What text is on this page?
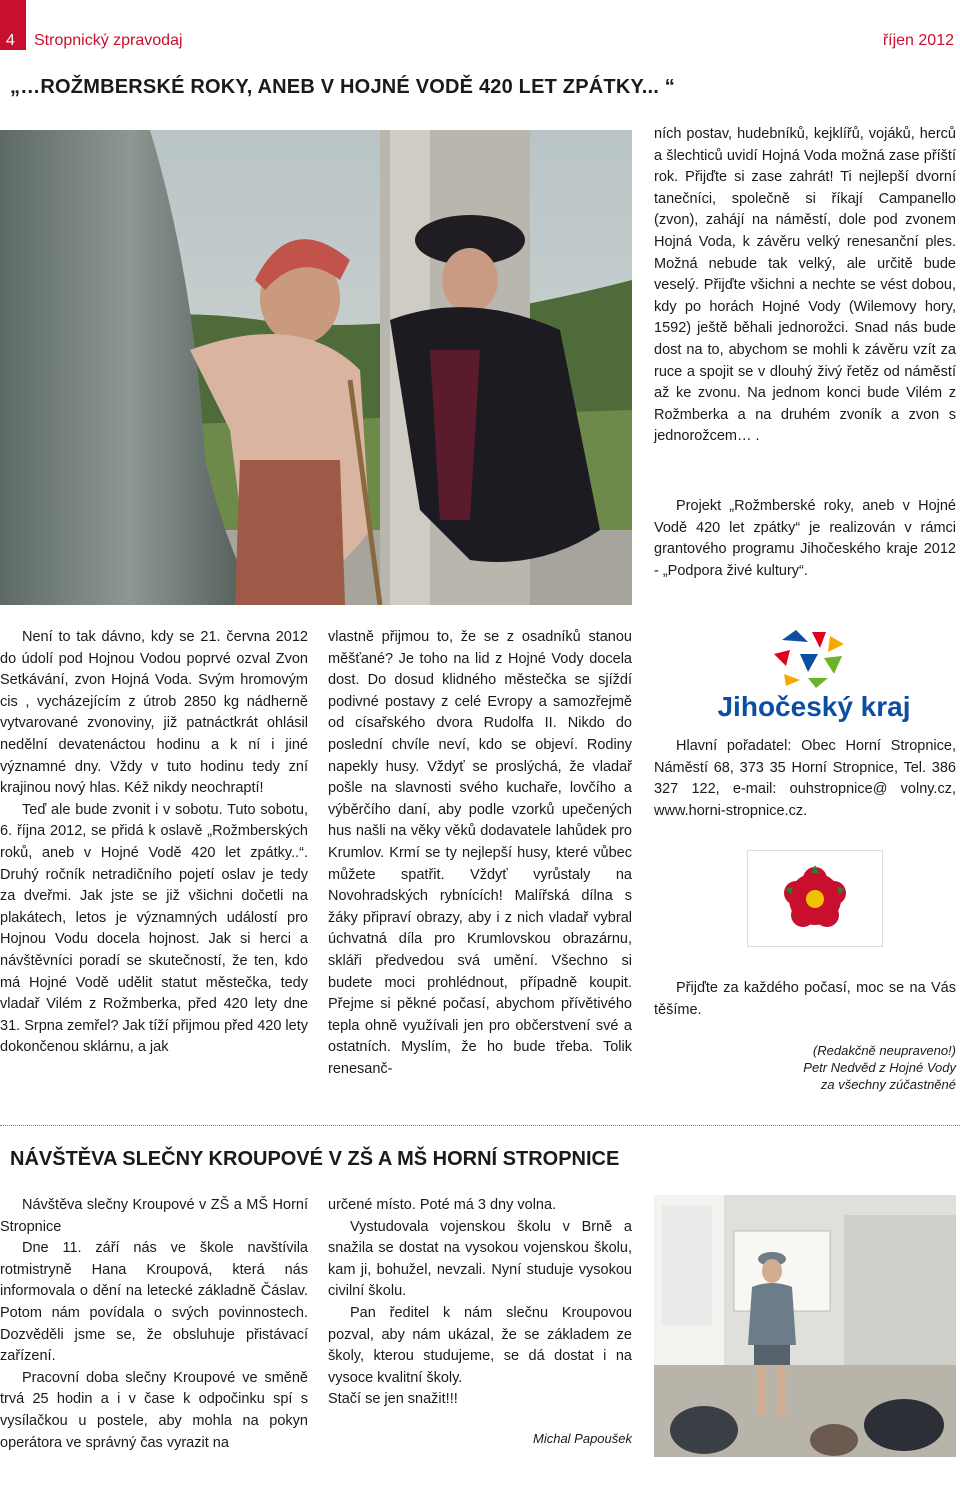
4	Stropnický zpravodaj	říjen 2012
„…ROŽMBERSKÉ ROKY, ANEB V HOJNÉ VODĚ 420 LET ZPÁTKY... “

ních postav, hudebníků, kejklířů, vojáků, herců a šlechticů uvidí Hojná Voda možná zase příští rok. Přijďte si zase zahrát! Ti nejlepší dvorní tanečníci, společně si říkají Campanello (zvon), zahájí na náměstí, dole pod zvonem Hojná Voda, k závěru velký renesanční ples. Možná nebude tak velký, ale určitě bude veselý. Přijďte všichni a nechte se vést dobou, kdy po horách Hojné Vody (Wilemovy hory, 1592) ještě běhali jednorožci. Snad nás bude dost na to, abychom se mohli k závěru vzít za ruce a spojit se v dlouhý živý řetěz od náměstí až ke zvonu. Na jednom konci bude Vilém z Rožmberka a na druhém zvoník a zvon s jednorožcem… .

Projekt „Rožmberské roky, aneb v Hojné Vodě 420 let zpátky“ je realizován v rámci grantového programu Jihočeského kraje 2012 - „Podpora živé kultury“.

Není to tak dávno, kdy se 21. června 2012 do údolí pod Hojnou Vodou poprvé ozval Zvon Setkávání, zvon Hojná Voda. Svým hromovým cis , vycházejícím z útrob 2850 kg nádherně vytvarované zvonoviny, již patnáctkrát ohlásil nedělní devatenáctou hodinu a k ní i jiné významné dny. Vždy v tuto hodinu tedy zní krajinou nový hlas. Kéž nikdy neochraptí!

Teď ale bude zvonit i v sobotu. Tuto sobotu, 6. října 2012, se přidá k oslavě „Rožmberských roků, aneb v Hojné Vodě 420 let zpátky..“. Druhý ročník netradičního pojetí oslav je tedy za dveřmi. Jak jste se již všichni dočetli na plakátech, letos je významných událostí pro Hojnou Vodu docela hojnost. Jak si herci a návštěvníci poradí se skutečností, že ten, kdo má Hojné Vodě udělit statut městečka, tedy vladař Vilém z Rožmberka, před 420 lety dne 31. Srpna zemřel? Jak tíží přijmou před 420 lety dokončenou sklárnu, a jak

vlastně přijmou to, že se z osadníků stanou měšťané? Je toho na lid z Hojné Vody docela dost. Do dosud klidného městečka se sjíždí podivné postavy z celé Evropy a samozřejmě od císařského dvora Rudolfa II. Nikdo do poslední chvíle neví, kdo se objeví. Rodiny napekly husy. Vždyť se proslýchá, že vladař pošle na slavnosti svého kuchaře, lovčího a výběrčího daní, aby podle vzorků upečených hus našli na věky věků dodavatele lahůdek pro Krumlov. Krmí se ty nejlepší husy, které vůbec můžete spatřit. Vždyť vyrůstaly na Novohradských rybnících! Malířská dílna s žáky připraví obrazy, aby i z nich vladař vybral úchvatná díla pro Krumlovskou obrazárnu, skláři předvedou svá umění. Všechno si budete moci prohlédnout, případně koupit. Přejme si pěkné počasí, abychom přívětivého tepla ohně využívali jen pro občerstvení své a ostatních. Myslím, že ho bude třeba. Tolik renesanč-

Jihočeský kraj

Hlavní pořadatel: Obec Horní Stropnice, Náměstí 68, 373 35 Horní Stropnice, Tel. 386 327 122, e-mail: ouhstropnice@ volny.cz, www.horni-stropnice.cz.

Přijďte za každého počasí, moc se na Vás těšíme.

(Redakčně neupraveno!)
Petr Nedvěd z Hojné Vody
za všechny zúčastněné
NÁVŠTĚVA SLEČNY KROUPOVÉ V ZŠ A MŠ HORNÍ STROPNICE

Návštěva slečny Kroupové v ZŠ a MŠ Horní Stropnice

Dne 11. září nás ve škole navštívila rotmistryně Hana Kroupová, která nás informovala o dění na letecké základně Čáslav. Potom nám povídala o svých povinnostech. Dozvěděli jsme se, že obsluhuje přistávací zařízení.

Pracovní doba slečny Kroupové ve směně trvá 25 hodin a i v čase k odpočinku spí s vysílačkou u postele, aby mohla na pokyn operátora ve správný čas vyrazit na

určené místo. Poté má 3 dny volna.

Vystudovala vojenskou školu v Brně a snažila se dostat na vysokou vojenskou školu, kam ji, bohužel, nevzali. Nyní studuje vysokou civilní školu.

Pan ředitel k nám slečnu Kroupovou pozval, aby nám ukázal, že se základem ze školy, kterou studujeme, se dá dostat i na vysoce kvalitní školy.

Stačí se jen snažit!!!

Michal Papoušek
